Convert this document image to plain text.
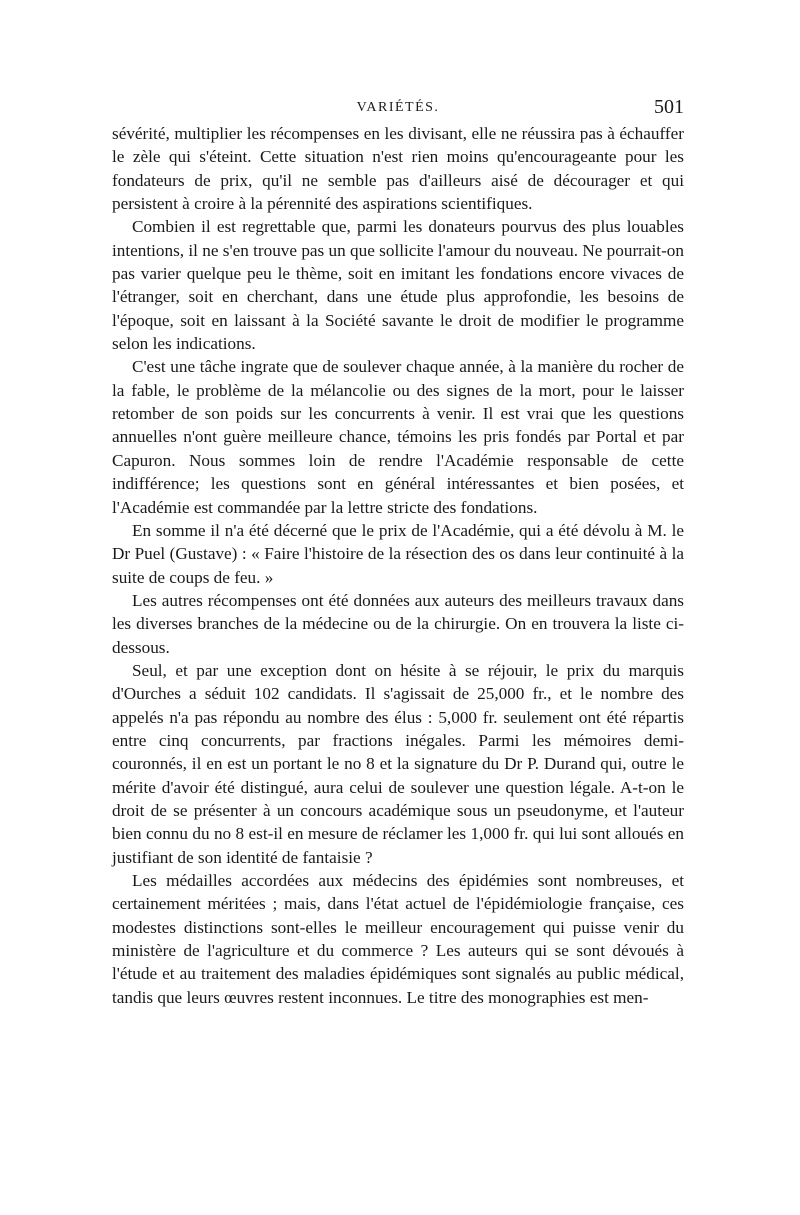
VARIÉTÉS.	501

sévérité, multiplier les récompenses en les divisant, elle ne réussira pas à échauffer le zèle qui s'éteint. Cette situation n'est rien moins qu'encourageante pour les fondateurs de prix, qu'il ne semble pas d'ailleurs aisé de décourager et qui persistent à croire à la pérennité des aspirations scientifiques.

Combien il est regrettable que, parmi les donateurs pourvus des plus louables intentions, il ne s'en trouve pas un que sollicite l'amour du nouveau. Ne pourrait-on pas varier quelque peu le thème, soit en imitant les fondations encore vivaces de l'étranger, soit en cherchant, dans une étude plus approfondie, les besoins de l'époque, soit en laissant à la Société savante le droit de modifier le programme selon les indications.

C'est une tâche ingrate que de soulever chaque année, à la manière du rocher de la fable, le problème de la mélancolie ou des signes de la mort, pour le laisser retomber de son poids sur les concurrents à venir. Il est vrai que les questions annuelles n'ont guère meilleure chance, témoins les pris fondés par Portal et par Capuron. Nous sommes loin de rendre l'Académie responsable de cette indifférence; les questions sont en général intéressantes et bien posées, et l'Académie est commandée par la lettre stricte des fondations.

En somme il n'a été décerné que le prix de l'Académie, qui a été dévolu à M. le Dr Puel (Gustave) : « Faire l'histoire de la résection des os dans leur continuité à la suite de coups de feu. »

Les autres récompenses ont été données aux auteurs des meilleurs travaux dans les diverses branches de la médecine ou de la chirurgie. On en trouvera la liste ci-dessous.

Seul, et par une exception dont on hésite à se réjouir, le prix du marquis d'Ourches a séduit 102 candidats. Il s'agissait de 25,000 fr., et le nombre des appelés n'a pas répondu au nombre des élus : 5,000 fr. seulement ont été répartis entre cinq concurrents, par fractions inégales. Parmi les mémoires demi-couronnés, il en est un portant le no 8 et la signature du Dr P. Durand qui, outre le mérite d'avoir été distingué, aura celui de soulever une question légale. A-t-on le droit de se présenter à un concours académique sous un pseudonyme, et l'auteur bien connu du no 8 est-il en mesure de réclamer les 1,000 fr. qui lui sont alloués en justifiant de son identité de fantaisie ?

Les médailles accordées aux médecins des épidémies sont nombreuses, et certainement méritées ; mais, dans l'état actuel de l'épidémiologie française, ces modestes distinctions sont-elles le meilleur encouragement qui puisse venir du ministère de l'agriculture et du commerce ? Les auteurs qui se sont dévoués à l'étude et au traitement des maladies épidémiques sont signalés au public médical, tandis que leurs œuvres restent inconnues. Le titre des monographies est men-
